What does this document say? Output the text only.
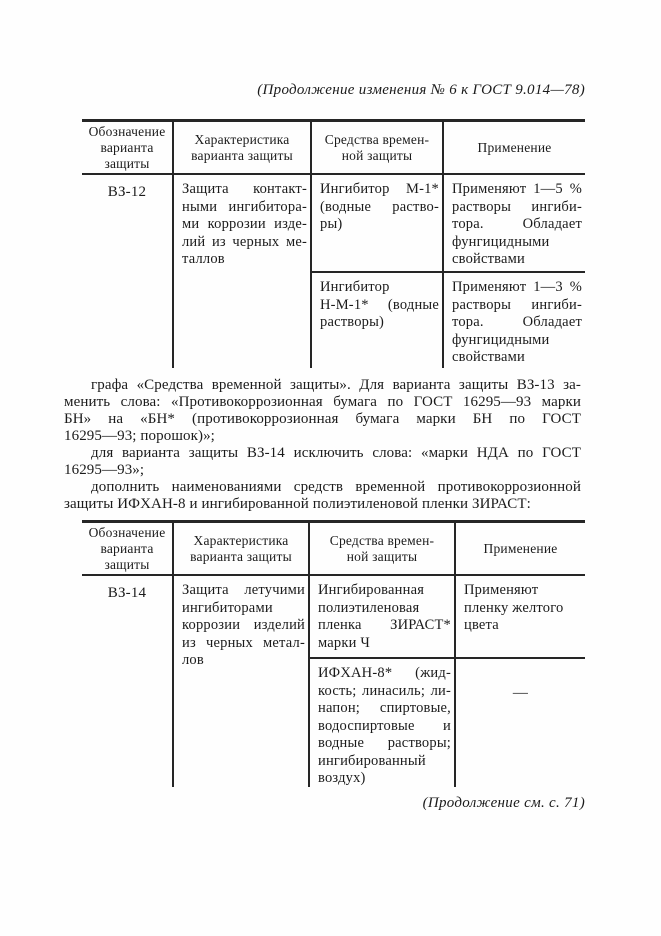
(Продолжение изменения № 6 к ГОСТ 9.014—78)
Обозначение
варианта
защиты
Характеристика
варианта защиты
Средства времен-
ной защиты
Применение
ВЗ-12	Защита контакт-
ными ингибитора-
ми коррозии изде-
лий из черных ме-
таллов
Ингибитор М-1*
(водные раство-
ры)
Применяют 1—5 %
растворы ингиби-
тора. Обладает
фунгицидными
свойствами
Ингибитор
Н-М-1* (водные
растворы)
Применяют 1—3 %
растворы ингиби-
тора. Обладает
фунгицидными
свойствами
графа «Средства временной защиты». Для варианта защиты ВЗ-13 за-
менить слова: «Противокоррозионная бумага по ГОСТ 16295—93 марки
БН» на «БН* (противокоррозионная бумага марки БН по ГОСТ
16295—93; порошок)»;
для варианта защиты ВЗ-14 исключить слова: «марки НДА по ГОСТ
16295—93»;
дополнить наименованиями средств временной противокоррозионной
защиты ИФХАН-8 и ингибированной полиэтиленовой пленки ЗИРАСТ:
Обозначение
варианта
защиты
Характеристика
варианта защиты
Средства времен-
ной защиты
Применение
ВЗ-14	Защита летучими
ингибиторами
коррозии изделий
из черных метал-
лов
Ингибированная
полиэтиленовая
пленка ЗИРАСТ*
марки Ч
Применяют
пленку желтого
цвета
ИФХАН-8* (жид-
кость; линасиль; ли-
напон; спиртовые,
водоспиртовые и
водные растворы;
ингибированный
воздух)
—
(Продолжение см. с. 71)
